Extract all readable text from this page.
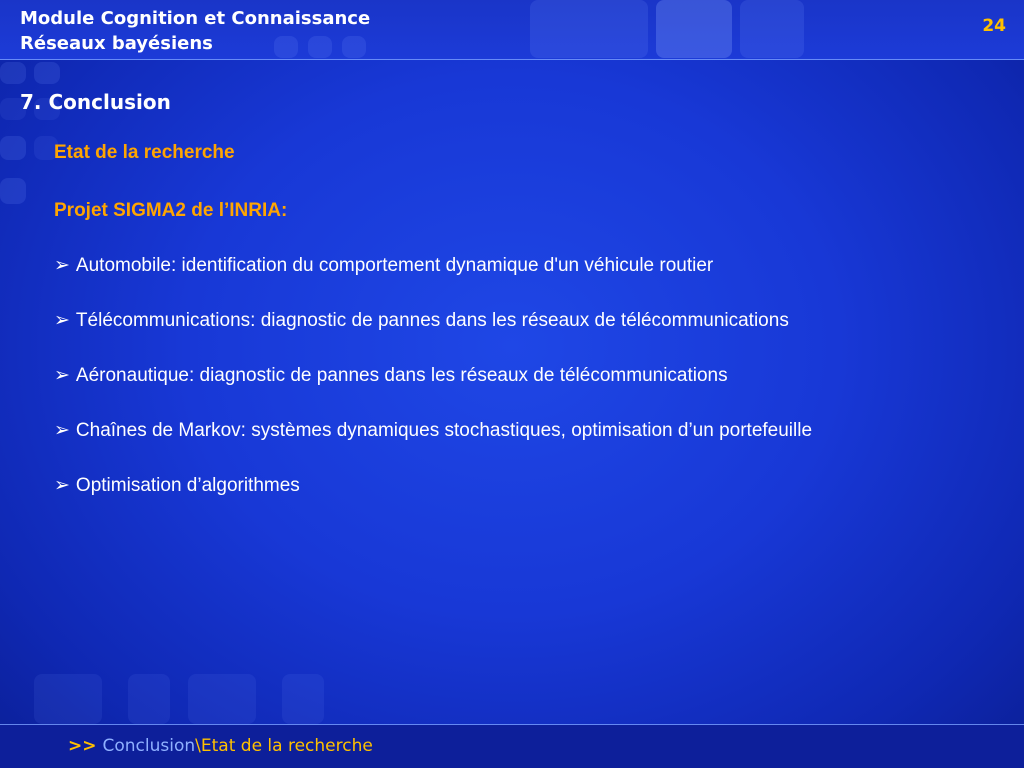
Module Cognition et Connaissance
Réseaux bayésiens
24
7. Conclusion
Etat de la recherche
Projet SIGMA2 de l’INRIA:
➢ Automobile: identification du comportement dynamique d'un véhicule routier
➢ Télécommunications: diagnostic de pannes dans les réseaux de télécommunications
➢ Aéronautique: diagnostic de pannes dans les réseaux de télécommunications
➢ Chaînes de Markov: systèmes dynamiques stochastiques, optimisation d’un portefeuille
➢ Optimisation d’algorithmes
>> Conclusion\Etat de la recherche
